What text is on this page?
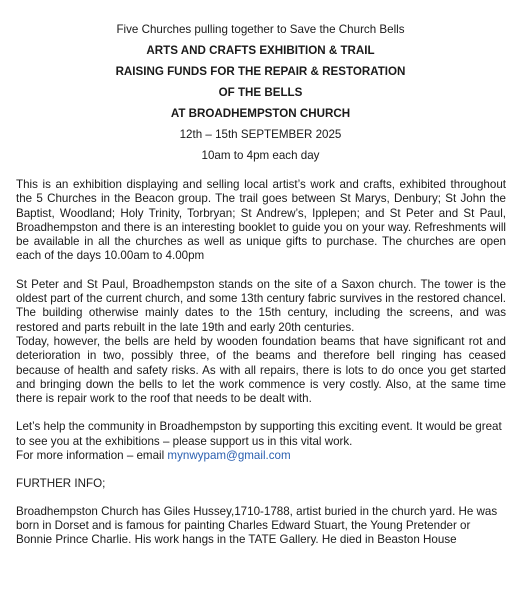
Five Churches pulling together to Save the Church Bells
ARTS AND CRAFTS EXHIBITION & TRAIL
RAISING FUNDS FOR THE REPAIR & RESTORATION
OF THE BELLS
AT BROADHEMPSTON CHURCH
12th – 15th SEPTEMBER 2025
10am to 4pm each day

This is an exhibition displaying and selling local artist’s work and crafts, exhibited throughout the 5 Churches in the Beacon group. The trail goes between St Marys, Denbury; St John the Baptist, Woodland; Holy Trinity, Torbryan; St Andrew’s, Ipplepen; and St Peter and St Paul, Broadhempston and there is an interesting booklet to guide you on your way. Refreshments will be available in all the churches as well as unique gifts to purchase. The churches are open each of the days 10.00am to 4.00pm

St Peter and St Paul, Broadhempston stands on the site of a Saxon church. The tower is the oldest part of the current church, and some 13th century fabric survives in the restored chancel. The building otherwise mainly dates to the 15th century, including the screens, and was restored and parts rebuilt in the late 19th and early 20th centuries.

Today, however, the bells are held by wooden foundation beams that have significant rot and deterioration in two, possibly three, of the beams and therefore bell ringing has ceased because of health and safety risks. As with all repairs, there is lots to do once you get started and bringing down the bells to let the work commence is very costly. Also, at the same time there is repair work to the roof that needs to be dealt with.

Let’s help the community in Broadhempston by supporting this exciting event. It would be great to see you at the exhibitions – please support us in this vital work.

For more information – email mynwypam@gmail.com

FURTHER INFO;

Broadhempston Church has Giles Hussey,1710-1788, artist buried in the church yard. He was born in Dorset and is famous for painting Charles Edward Stuart, the Young Pretender or Bonnie Prince Charlie. His work hangs in the TATE Gallery. He died in Beaston House
